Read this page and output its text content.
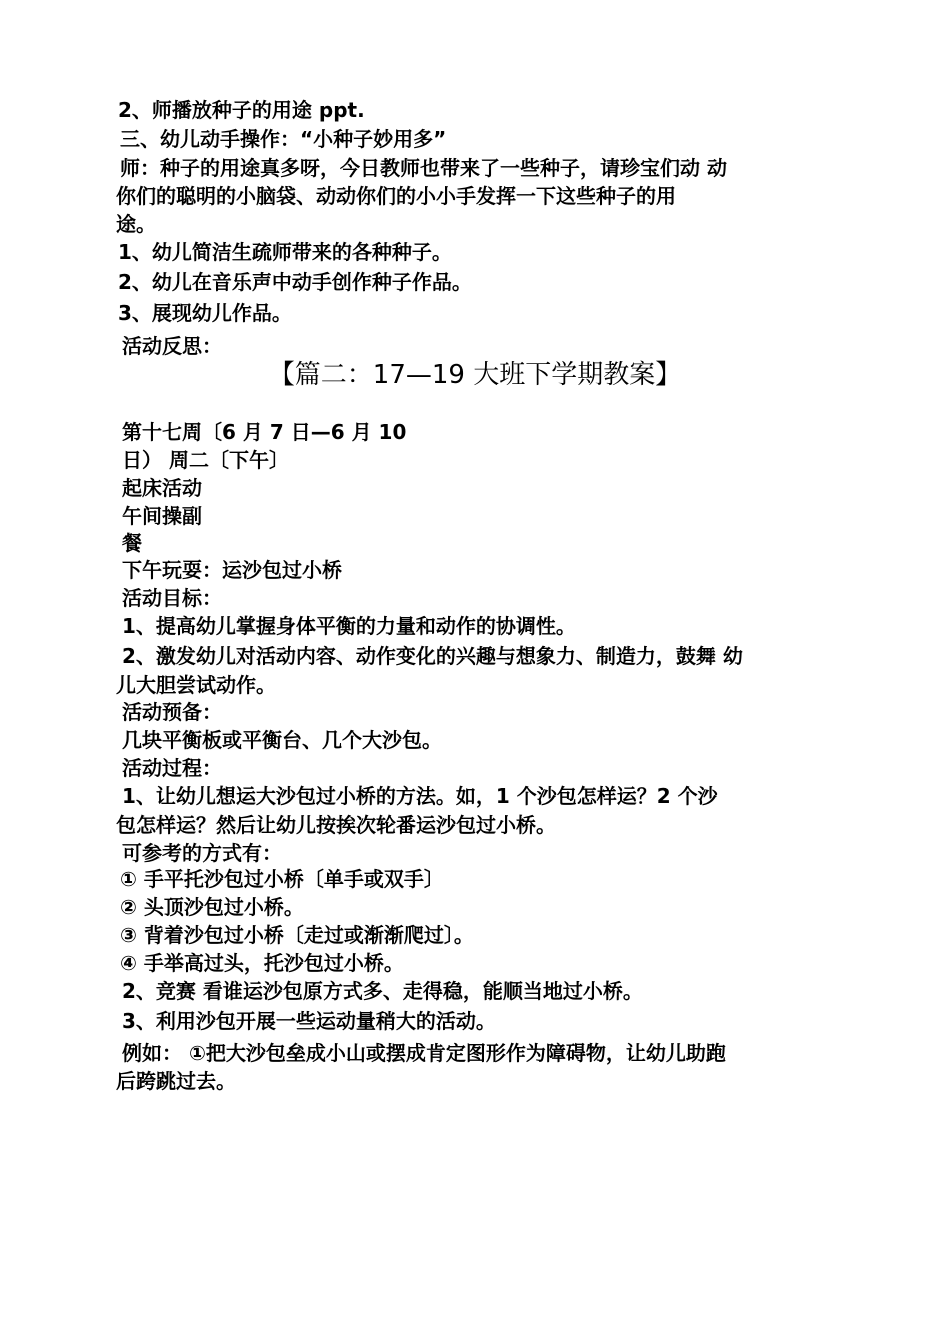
2、师播放种子的用途 ppt.
三、幼儿动手操作：“小种子妙用多”
师：种子的用途真多呀，今日教师也带来了一些种子，请珍宝们动 动
你们的聪明的小脑袋、动动你们的小小手发挥一下这些种子的用
途。
1、幼儿简洁生疏师带来的各种种子。
2、幼儿在音乐声中动手创作种子作品。
3、展现幼儿作品。
活动反思：
【篇二：17—19 大班下学期教案】
第十七周〔6 月 7 日—6 月 10
日） 周二〔下午〕
起床活动
午间操副
餐
下午玩耍：运沙包过小桥
活动目标：
1、提高幼儿掌握身体平衡的力量和动作的协调性。
2、激发幼儿对活动内容、动作变化的兴趣与想象力、制造力，鼓舞 幼
儿大胆尝试动作。
活动预备：
几块平衡板或平衡台、几个大沙包。
活动过程：
1、让幼儿想运大沙包过小桥的方法。如，1 个沙包怎样运？2 个沙
包怎样运？然后让幼儿按挨次轮番运沙包过小桥。
可参考的方式有：
① 手平托沙包过小桥〔单手或双手〕
② 头顶沙包过小桥。
③ 背着沙包过小桥〔走过或渐渐爬过〕。
④ 手举高过头，托沙包过小桥。
2、竞赛 看谁运沙包原方式多、走得稳，能顺当地过小桥。
3、利用沙包开展一些运动量稍大的活动。
例如： ①把大沙包垒成小山或摆成肯定图形作为障碍物，让幼儿助跑
后跨跳过去。
